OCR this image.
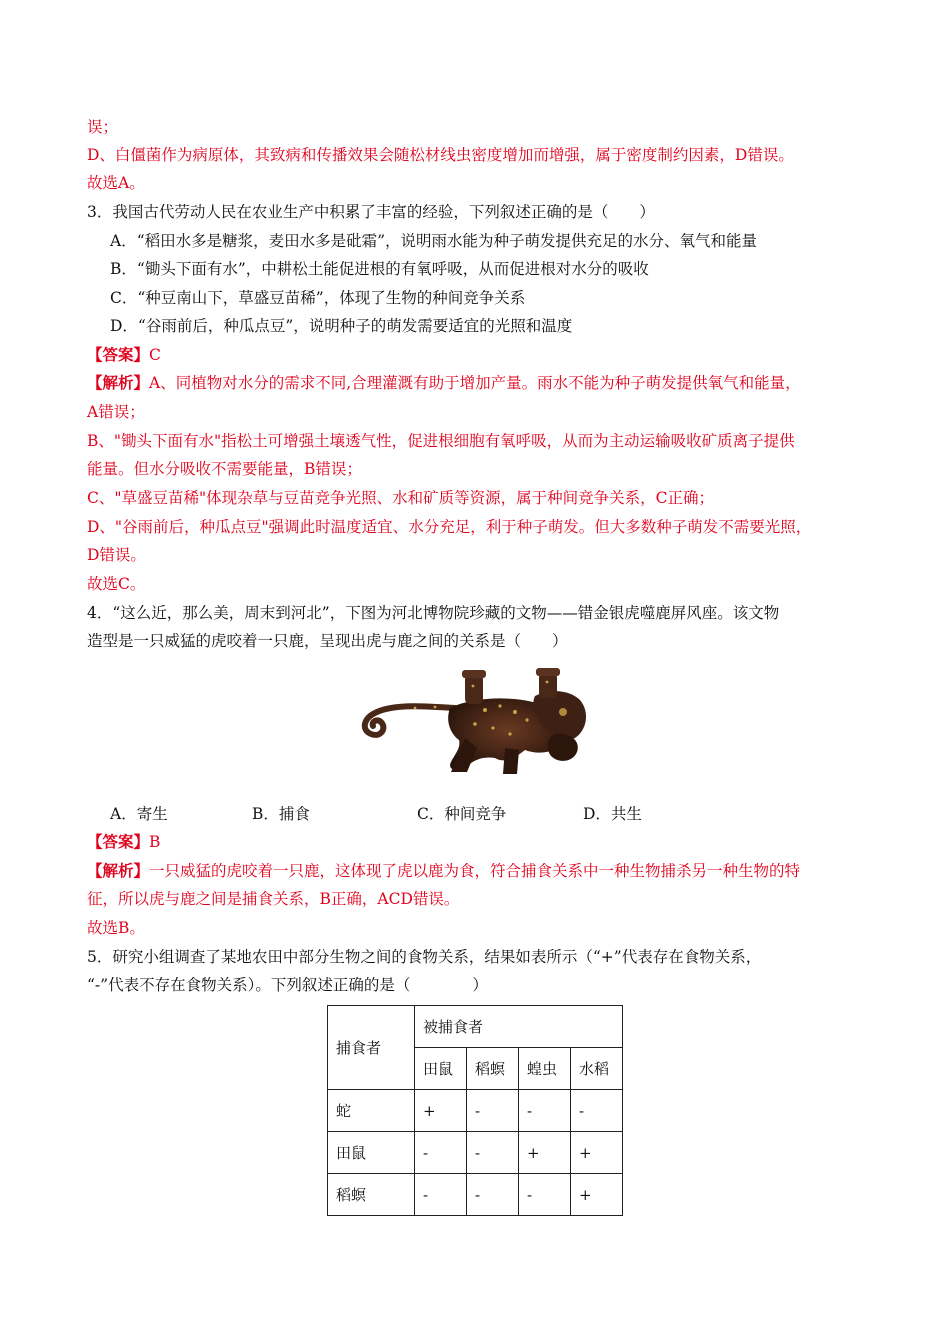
误；
D、白僵菌作为病原体，其致病和传播效果会随松材线虫密度增加而增强，属于密度制约因素，D错误。
故选A。
3．我国古代劳动人民在农业生产中积累了丰富的经验，下列叙述正确的是（　　）
A．“稻田水多是糖浆，麦田水多是砒霜”，说明雨水能为种子萌发提供充足的水分、氧气和能量
B．“锄头下面有水”，中耕松土能促进根的有氧呼吸，从而促进根对水分的吸收
C．“种豆南山下，草盛豆苗稀”，体现了生物的种间竞争关系
D．“谷雨前后，种瓜点豆”，说明种子的萌发需要适宜的光照和温度
【答案】C
【解析】A、同植物对水分的需求不同,合理灌溉有助于增加产量。雨水不能为种子萌发提供氧气和能量，
A错误；
B、"锄头下面有水"指松土可增强土壤透气性，促进根细胞有氧呼吸，从而为主动运输吸收矿质离子提供
能量。但水分吸收不需要能量，B错误；
C、"草盛豆苗稀"体现杂草与豆苗竞争光照、水和矿质等资源，属于种间竞争关系，C正确；
D、"谷雨前后，种瓜点豆"强调此时温度适宜、水分充足，利于种子萌发。但大多数种子萌发不需要光照，
D错误。
故选C。
4．“这么近，那么美，周末到河北”，下图为河北博物院珍藏的文物——错金银虎噬鹿屏风座。该文物
造型是一只威猛的虎咬着一只鹿，呈现出虎与鹿之间的关系是（　　）
A．寄生	B．捕食	C．种间竞争	D．共生
【答案】B
【解析】一只威猛的虎咬着一只鹿，这体现了虎以鹿为食，符合捕食关系中一种生物捕杀另一种生物的特
征，所以虎与鹿之间是捕食关系，B正确，ACD错误。
故选B。
5．研究小组调查了某地农田中部分生物之间的食物关系，结果如表所示（“+”代表存在食物关系，
“-”代表不存在食物关系）。下列叙述正确的是（　　　　）
捕食者	被捕食者			
	田鼠	稻螟	蝗虫	水稻
蛇	+	-	-	-
田鼠	-	-	+	+
稻螟	-	-	-	+
